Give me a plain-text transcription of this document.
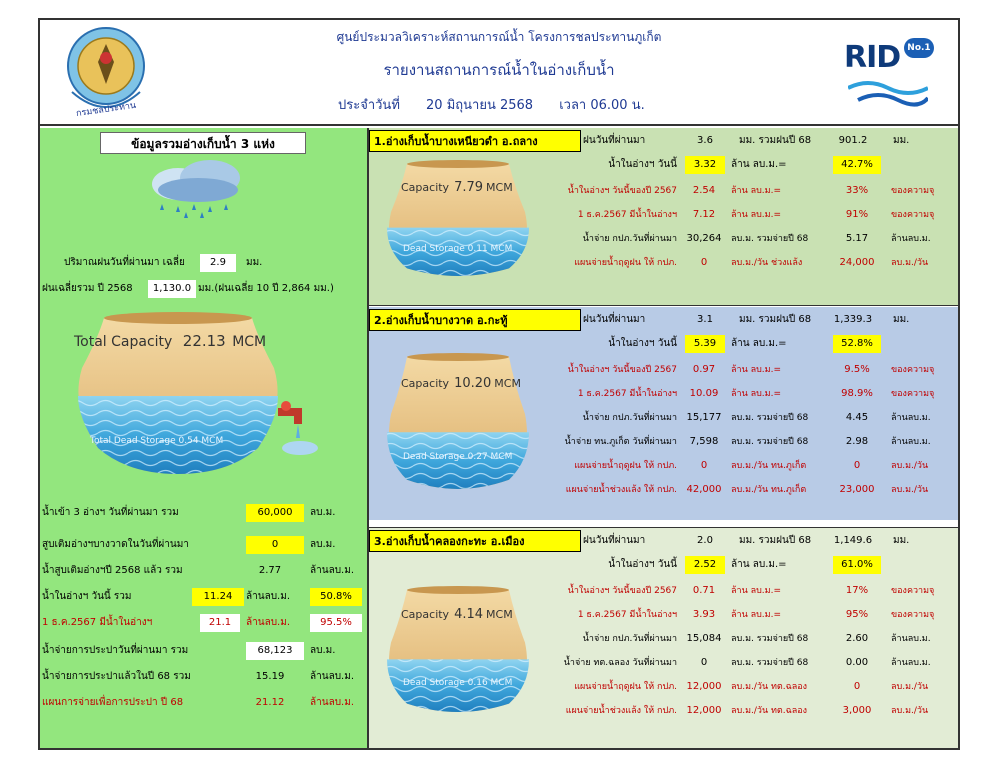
กรมชลประทาน
ศูนย์ประมวลวิเคราะห์สถานการณ์น้ำ โครงการชลประทานภูเก็ต
รายงานสถานการณ์น้ำในอ่างเก็บน้ำ
ประจำวันที่ 20 มิถุนายน 2568 เวลา 06.00 น.
RID No.1
ข้อมูลรวมอ่างเก็บน้ำ 3 แห่ง
ปริมาณฝนวันที่ผ่านมา เฉลี่ย	2.9	มม.
ฝนเฉลี่ยรวม ปี 2568	1,130.0 มม.(ฝนเฉลี่ย 10 ปี 2,864 มม.)
Total Capacity 22.13 MCM
Total Dead Storage 0.54 MCM
น้ำเข้า 3 อ่างฯ วันที่ผ่านมา รวม	60,000	ลบ.ม.
สูบเติมอ่างฯบางวาดในวันที่ผ่านมา	0	ลบ.ม.
น้ำสูบเติมอ่างฯปี 2568 แล้ว รวม	2.77	ล้านลบ.ม.
น้ำในอ่างฯ วันนี้ รวม	11.24	ล้านลบ.ม.	50.8%
1 ธ.ค.2567 มีน้ำในอ่างฯ	21.1	ล้านลบ.ม.	95.5%
น้ำจ่ายการประปาวันที่ผ่านมา รวม	68,123	ลบ.ม.
น้ำจ่ายการประปาแล้วในปี 68 รวม	15.19	ล้านลบ.ม.
แผนการจ่ายเพื่อการประปา ปี 68	21.12	ล้านลบ.ม.
1.อ่างเก็บน้ำบางเหนียวดำ อ.ถลาง
Capacity 7.79 MCM
Dead Storage 0.11 MCM
ฝนวันที่ผ่านมา	3.6	มม. รวมฝนปี 68	901.2	มม.
น้ำในอ่างฯ วันนี้	3.32	ล้าน ลบ.ม.=	42.7%
น้ำในอ่างฯ วันนี้ของปี 2567	2.54	ล้าน ลบ.ม.=	33%	ของความจุ
1 ธ.ค.2567 มีน้ำในอ่างฯ	7.12	ล้าน ลบ.ม.=	91%	ของความจุ
น้ำจ่าย กปภ.วันที่ผ่านมา 30,264	ลบ.ม. รวมจ่ายปี 68	5.17	ล้านลบ.ม.
แผนจ่ายน้ำฤดูฝน ให้ กปภ.	0	ลบ.ม./วัน ช่วงแล้ง	24,000	ลบ.ม./วัน
2.อ่างเก็บน้ำบางวาด อ.กะทู้
Capacity 10.20 MCM
Dead Storage 0.27 MCM
ฝนวันที่ผ่านมา	3.1	มม. รวมฝนปี 68	1,339.3	มม.
น้ำในอ่างฯ วันนี้	5.39	ล้าน ลบ.ม.=	52.8%
น้ำในอ่างฯ วันนี้ของปี 2567	0.97	ล้าน ลบ.ม.=	9.5%	ของความจุ
1 ธ.ค.2567 มีน้ำในอ่างฯ	10.09	ล้าน ลบ.ม.=	98.9%	ของความจุ
น้ำจ่าย กปภ.วันที่ผ่านมา 15,177	ลบ.ม. รวมจ่ายปี 68	4.45	ล้านลบ.ม.
น้ำจ่าย ทน.ภูเก็ต วันที่ผ่านมา	7,598	ลบ.ม. รวมจ่ายปี 68	2.98	ล้านลบ.ม.
แผนจ่ายน้ำฤดูฝน ให้ กปภ.	0	ลบ.ม./วัน ทน.ภูเก็ต	0	ลบ.ม./วัน
แผนจ่ายน้ำช่วงแล้ง ให้ กปภ. 42,000	ลบ.ม./วัน ทน.ภูเก็ต	23,000	ลบ.ม./วัน
3.อ่างเก็บน้ำคลองกะทะ อ.เมือง
Capacity 4.14 MCM
Dead Storage 0.16 MCM
ฝนวันที่ผ่านมา	2.0	มม. รวมฝนปี 68	1,149.6	มม.
น้ำในอ่างฯ วันนี้	2.52	ล้าน ลบ.ม.=	61.0%
น้ำในอ่างฯ วันนี้ของปี 2567	0.71	ล้าน ลบ.ม.=	17%	ของความจุ
1 ธ.ค.2567 มีน้ำในอ่างฯ	3.93	ล้าน ลบ.ม.=	95%	ของความจุ
น้ำจ่าย กปภ.วันที่ผ่านมา 15,084	ลบ.ม. รวมจ่ายปี 68	2.60	ล้านลบ.ม.
น้ำจ่าย ทต.ฉลอง วันที่ผ่านมา	0	ลบ.ม. รวมจ่ายปี 68	0.00	ล้านลบ.ม.
แผนจ่ายน้ำฤดูฝน ให้ กปภ. 12,000	ลบ.ม./วัน ทต.ฉลอง	0	ลบ.ม./วัน
แผนจ่ายน้ำช่วงแล้ง ให้ กปภ. 12,000	ลบ.ม./วัน ทต.ฉลอง	3,000	ลบ.ม./วัน
